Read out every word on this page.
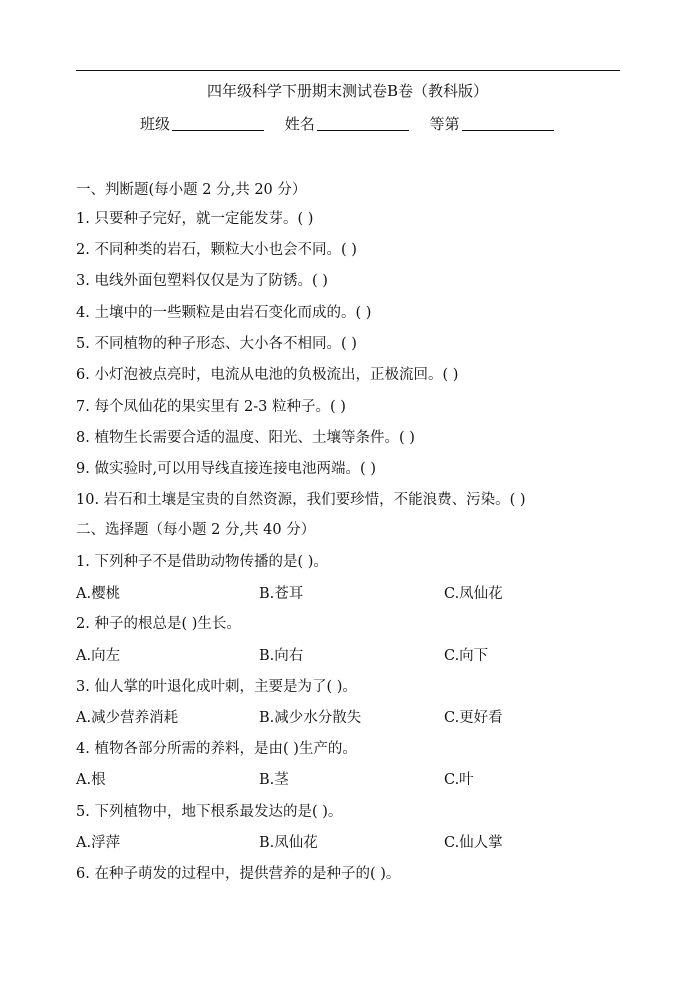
四年级科学下册期末测试卷B卷（教科版）
班级	姓名	等第
一、判断题(每小题 2 分,共 20 分）
1. 只要种子完好，就一定能发芽。( )
2. 不同种类的岩石，颗粒大小也会不同。( )
3. 电线外面包塑料仅仅是为了防锈。( )
4. 土壤中的一些颗粒是由岩石变化而成的。( )
5. 不同植物的种子形态、大小各不相同。( )
6. 小灯泡被点亮时，电流从电池的负极流出，正极流回。( )
7. 每个凤仙花的果实里有 2-3 粒种子。( )
8. 植物生长需要合适的温度、阳光、土壤等条件。( )
9. 做实验时,可以用导线直接连接电池两端。( )
10. 岩石和土壤是宝贵的自然资源，我们要珍惜，不能浪费、污染。( )
二、选择题（每小题 2 分,共 40 分）
1. 下列种子不是借助动物传播的是( )。
A.樱桃	B.苍耳	C.凤仙花
2. 种子的根总是( )生长。
A.向左	B.向右	C.向下
3. 仙人掌的叶退化成叶刺，主要是为了( )。
A.减少营养消耗	B.减少水分散失	C.更好看
4. 植物各部分所需的养料，是由( )生产的。
A.根	B.茎	C.叶
5. 下列植物中，地下根系最发达的是( )。
A.浮萍	B.凤仙花	C.仙人掌
6. 在种子萌发的过程中，提供营养的是种子的( )。
